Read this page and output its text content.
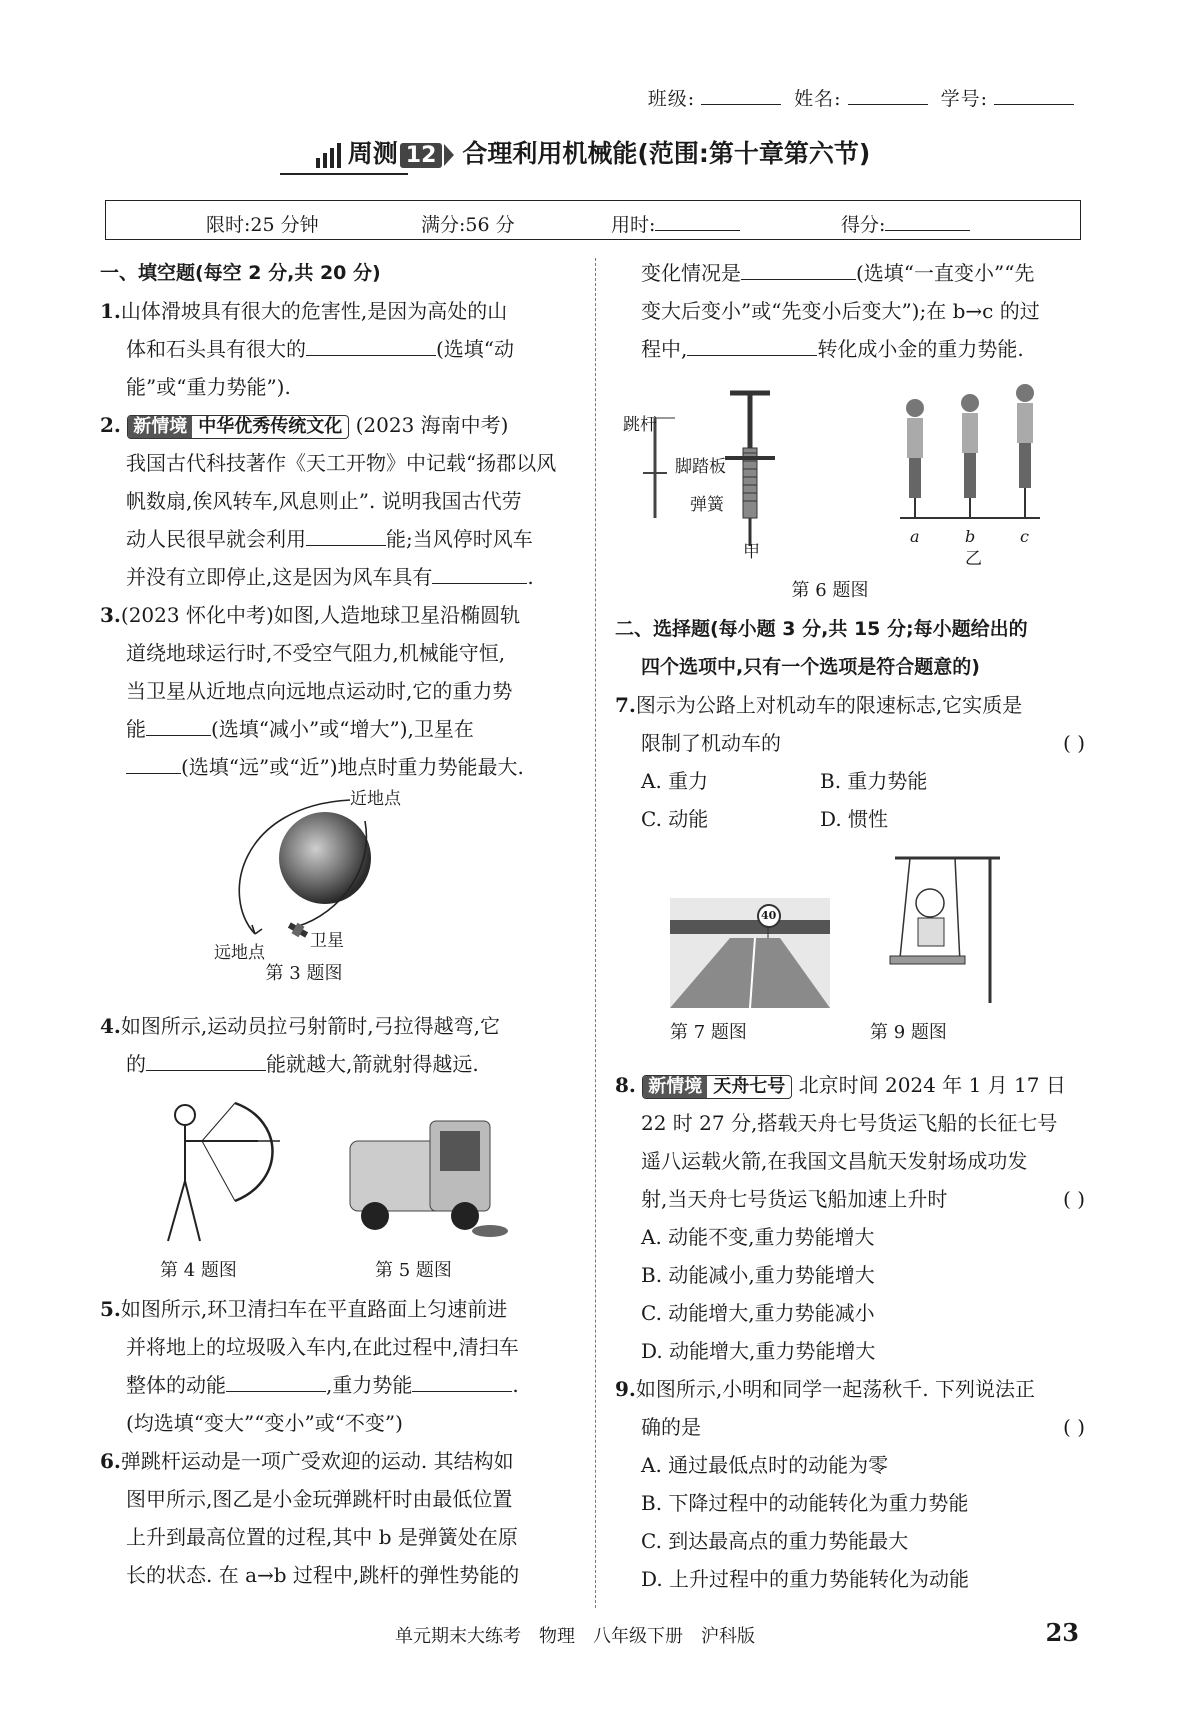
班级:	姓名:	学号:
周测 12 合理利用机械能(范围:第十章第六节)
限时:25 分钟	满分:56 分	用时:	得分:

一、填空题(每空 2 分,共 20 分)

1.山体滑坡具有很大的危害性,是因为高处的山

体和石头具有很大的	(选填“动

能”或“重力势能”).

2. 新情境 中华优秀传统文化 (2023 海南中考)

我国古代科技著作《天工开物》中记载“扬郡以风

帆数扇,俟风转车,风息则止”. 说明我国古代劳

动人民很早就会利用	能;当风停时风车

并没有立即停止,这是因为风车具有	.

3.(2023 怀化中考)如图,人造地球卫星沿椭圆轨

道绕地球运行时,不受空气阻力,机械能守恒,

当卫星从近地点向远地点运动时,它的重力势

能	(选填“减小”或“增大”),卫星在

(选填“远”或“近”)地点时重力势能最大.

近地点
远地点
卫星

第 3 题图

4.如图所示,运动员拉弓射箭时,弓拉得越弯,它

的	能就越大,箭就射得越远.

第 4 题图	第 5 题图

5.如图所示,环卫清扫车在平直路面上匀速前进

并将地上的垃圾吸入车内,在此过程中,清扫车

整体的动能	,重力势能	.

(均选填“变大”“变小”或“不变”)

6.弹跳杆运动是一项广受欢迎的运动. 其结构如

图甲所示,图乙是小金玩弹跳杆时由最低位置

上升到最高位置的过程,其中 b 是弹簧处在原

长的状态. 在 a→b 过程中,跳杆的弹性势能的

变化情况是	(选填“一直变小”“先

变大后变小”或“先变小后变大”);在 b→c 的过

程中,	转化成小金的重力势能.

跳杆
脚踏板
弹簧
甲
a	b	c
乙

第 6 题图

二、选择题(每小题 3 分,共 15 分;每小题给出的

四个选项中,只有一个选项是符合题意的)

7.图示为公路上对机动车的限速标志,它实质是

限制了机动车的	( )

A. 重力	B. 重力势能

C. 动能	D. 惯性

40
第 7 题图	第 9 题图

8. 新情境 天舟七号 北京时间 2024 年 1 月 17 日

22 时 27 分,搭载天舟七号货运飞船的长征七号

遥八运载火箭,在我国文昌航天发射场成功发

射,当天舟七号货运飞船加速上升时	( )

A. 动能不变,重力势能增大

B. 动能减小,重力势能增大

C. 动能增大,重力势能减小

D. 动能增大,重力势能增大

9.如图所示,小明和同学一起荡秋千. 下列说法正

确的是	( )

A. 通过最低点时的动能为零

B. 下降过程中的动能转化为重力势能

C. 到达最高点的重力势能最大

D. 上升过程中的重力势能转化为动能

单元期末大练考　物理　八年级下册　沪科版	23
